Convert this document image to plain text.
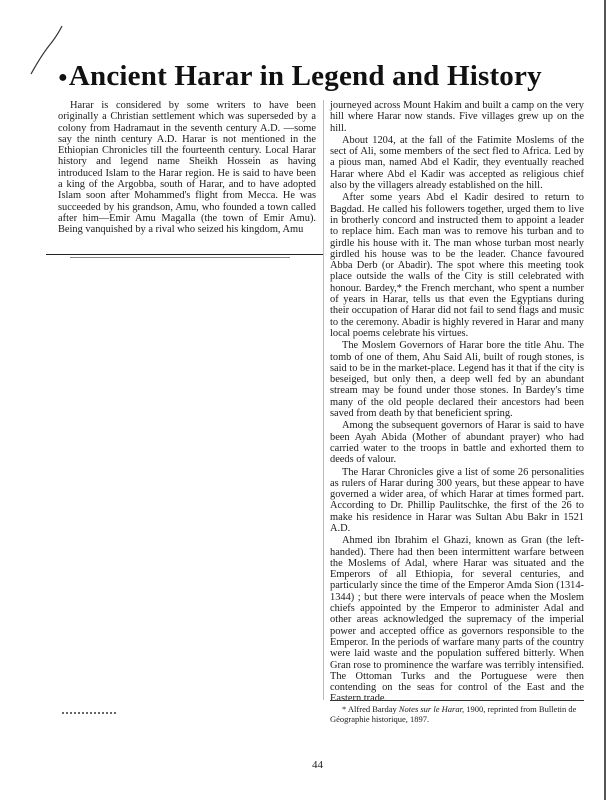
●Ancient Harar in Legend and History

Harar is considered by some writers to have been originally a Christian settlement which was superseded by a colony from Hadramaut in the seventh century A.D. —some say the ninth century A.D. Harar is not mentioned in the Ethiopian Chronicles till the fourteenth century. Local Harar history and legend name Sheikh Hossein as having introduced Islam to the Harar region. He is said to have been a king of the Argobba, south of Harar, and to have adopted Islam soon after Mohammed's flight from Mecca. He was succeeded by his grandson, Amu, who founded a town called after him—Emir Amu Magalla (the town of Emir Amu). Being vanquished by a rival who seized his kingdom, Amu

journeyed across Mount Hakim and built a camp on the very hill where Harar now stands. Five villages grew up on the hill.

About 1204, at the fall of the Fatimite Moslems of the sect of Ali, some members of the sect fled to Africa. Led by a pious man, named Abd el Kadir, they eventually reached Harar where Abd el Kadir was accepted as religious chief also by the villagers already established on the hill.

After some years Abd el Kadir desired to return to Bagdad. He called his followers together, urged them to live in brotherly concord and instructed them to appoint a leader to replace him. Each man was to remove his turban and to girdle his house with it. The man whose turban most nearly girdled his house was to be the leader. Chance favoured Abba Derb (or Abadir). The spot where this meeting took place outside the walls of the City is still celebrated with honour. Bardey,* the French merchant, who spent a number of years in Harar, tells us that even the Egyptians during their occupation of Harar did not fail to send flags and music to the ceremony. Abadir is highly revered in Harar and many local poems celebrate his virtues.

The Moslem Governors of Harar bore the title Ahu. The tomb of one of them, Ahu Said Ali, built of rough stones, is said to be in the market-place. Legend has it that if the city is beseiged, but only then, a deep well fed by an abundant stream may be found under those stones. In Bardey's time many of the old people declared their ancestors had been saved from death by that beneficient spring.

Among the subsequent governors of Harar is said to have been Ayah Abida (Mother of abundant prayer) who had carried water to the troops in battle and exhorted them to deeds of valour.

The Harar Chronicles give a list of some 26 personalities as rulers of Harar during 300 years, but these appear to have governed a wider area, of which Harar at times formed part. According to Dr. Phillip Paulitschke, the first of the 26 to make his residence in Harar was Sultan Abu Bakr in 1521 A.D.

Ahmed ibn Ibrahim el Ghazi, known as Gran (the left-handed). There had then been intermittent warfare between the Moslems of Adal, where Harar was situated and the Emperors of all Ethiopia, for several centuries, and particularly since the time of the Emperor Amda Sion (1314-1344) ; but there were intervals of peace when the Moslem chiefs appointed by the Emperor to administer Adal and other areas acknowledged the supremacy of the imperial power and accepted office as governors responsible to the Emperor. In the periods of warfare many parts of the country were laid waste and the population suffered bitterly. When Gran rose to prominence the warfare was terribly intensified. The Ottoman Turks and the Portuguese were then contending on the seas for control of the East and the Eastern trade.

* Alfred Barday Notes sur le Harar, 1900, reprinted from Bulletin de Géographie historique, 1897.
44
